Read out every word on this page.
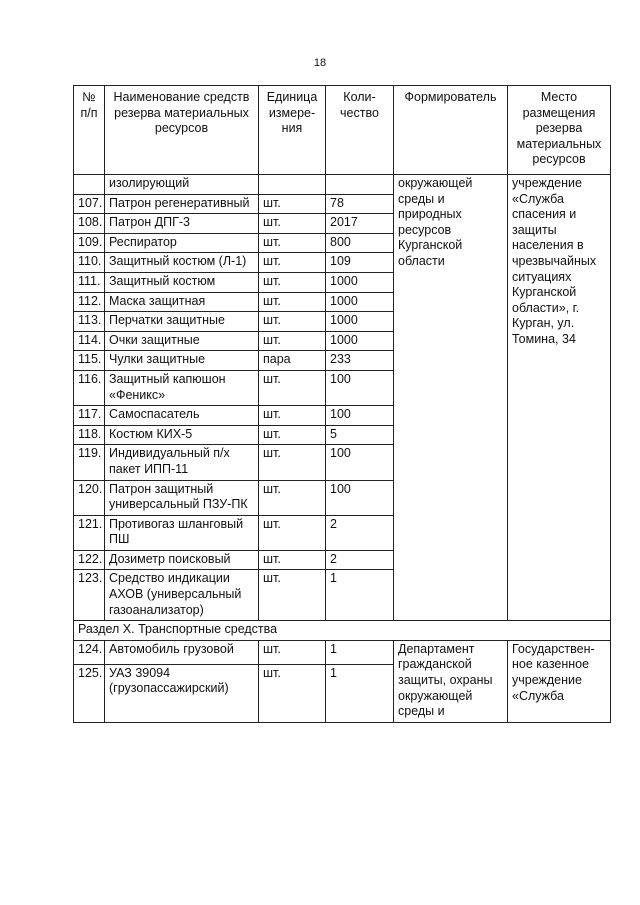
18
№ п/п	Наименование средств резерва материальных ресурсов	Единица измере-ния	Коли-чество	Формирователь	Место размещения резерва материальных ресурсов
	изолирующий			окружающей среды и природных ресурсов Курганской области	учреждение «Служба спасения и защиты населения в чрезвычайных ситуациях Курганской области», г. Курган, ул. Томина, 34
107.	Патрон регенеративный	шт.	78		
108.	Патрон ДПГ-3	шт.	2017		
109.	Респиратор	шт.	800		
110.	Защитный костюм (Л-1)	шт.	109		
111.	Защитный костюм	шт.	1000		
112.	Маска защитная	шт.	1000		
113.	Перчатки защитные	шт.	1000		
114.	Очки защитные	шт.	1000		
115.	Чулки защитные	пара	233		
116.	Защитный капюшон «Феникс»	шт.	100		
117.	Самоспасатель	шт.	100		
118.	Костюм КИХ-5	шт.	5		
119.	Индивидуальный п/х пакет ИПП-11	шт.	100		
120.	Патрон защитный универсальный ПЗУ-ПК	шт.	100		
121.	Противогаз шланговый ПШ	шт.	2		
122.	Дозиметр поисковый	шт.	2		
123.	Средство индикации АХОВ (универсальный газоанализатор)	шт.	1		
Раздел X. Транспортные средства					
124.	Автомобиль грузовой	шт.	1	Департамент гражданской защиты, охраны окружающей среды и	Государствен-ное казенное учреждение «Служба
125.	УАЗ 39094 (грузопассажирский)	шт.	1		
